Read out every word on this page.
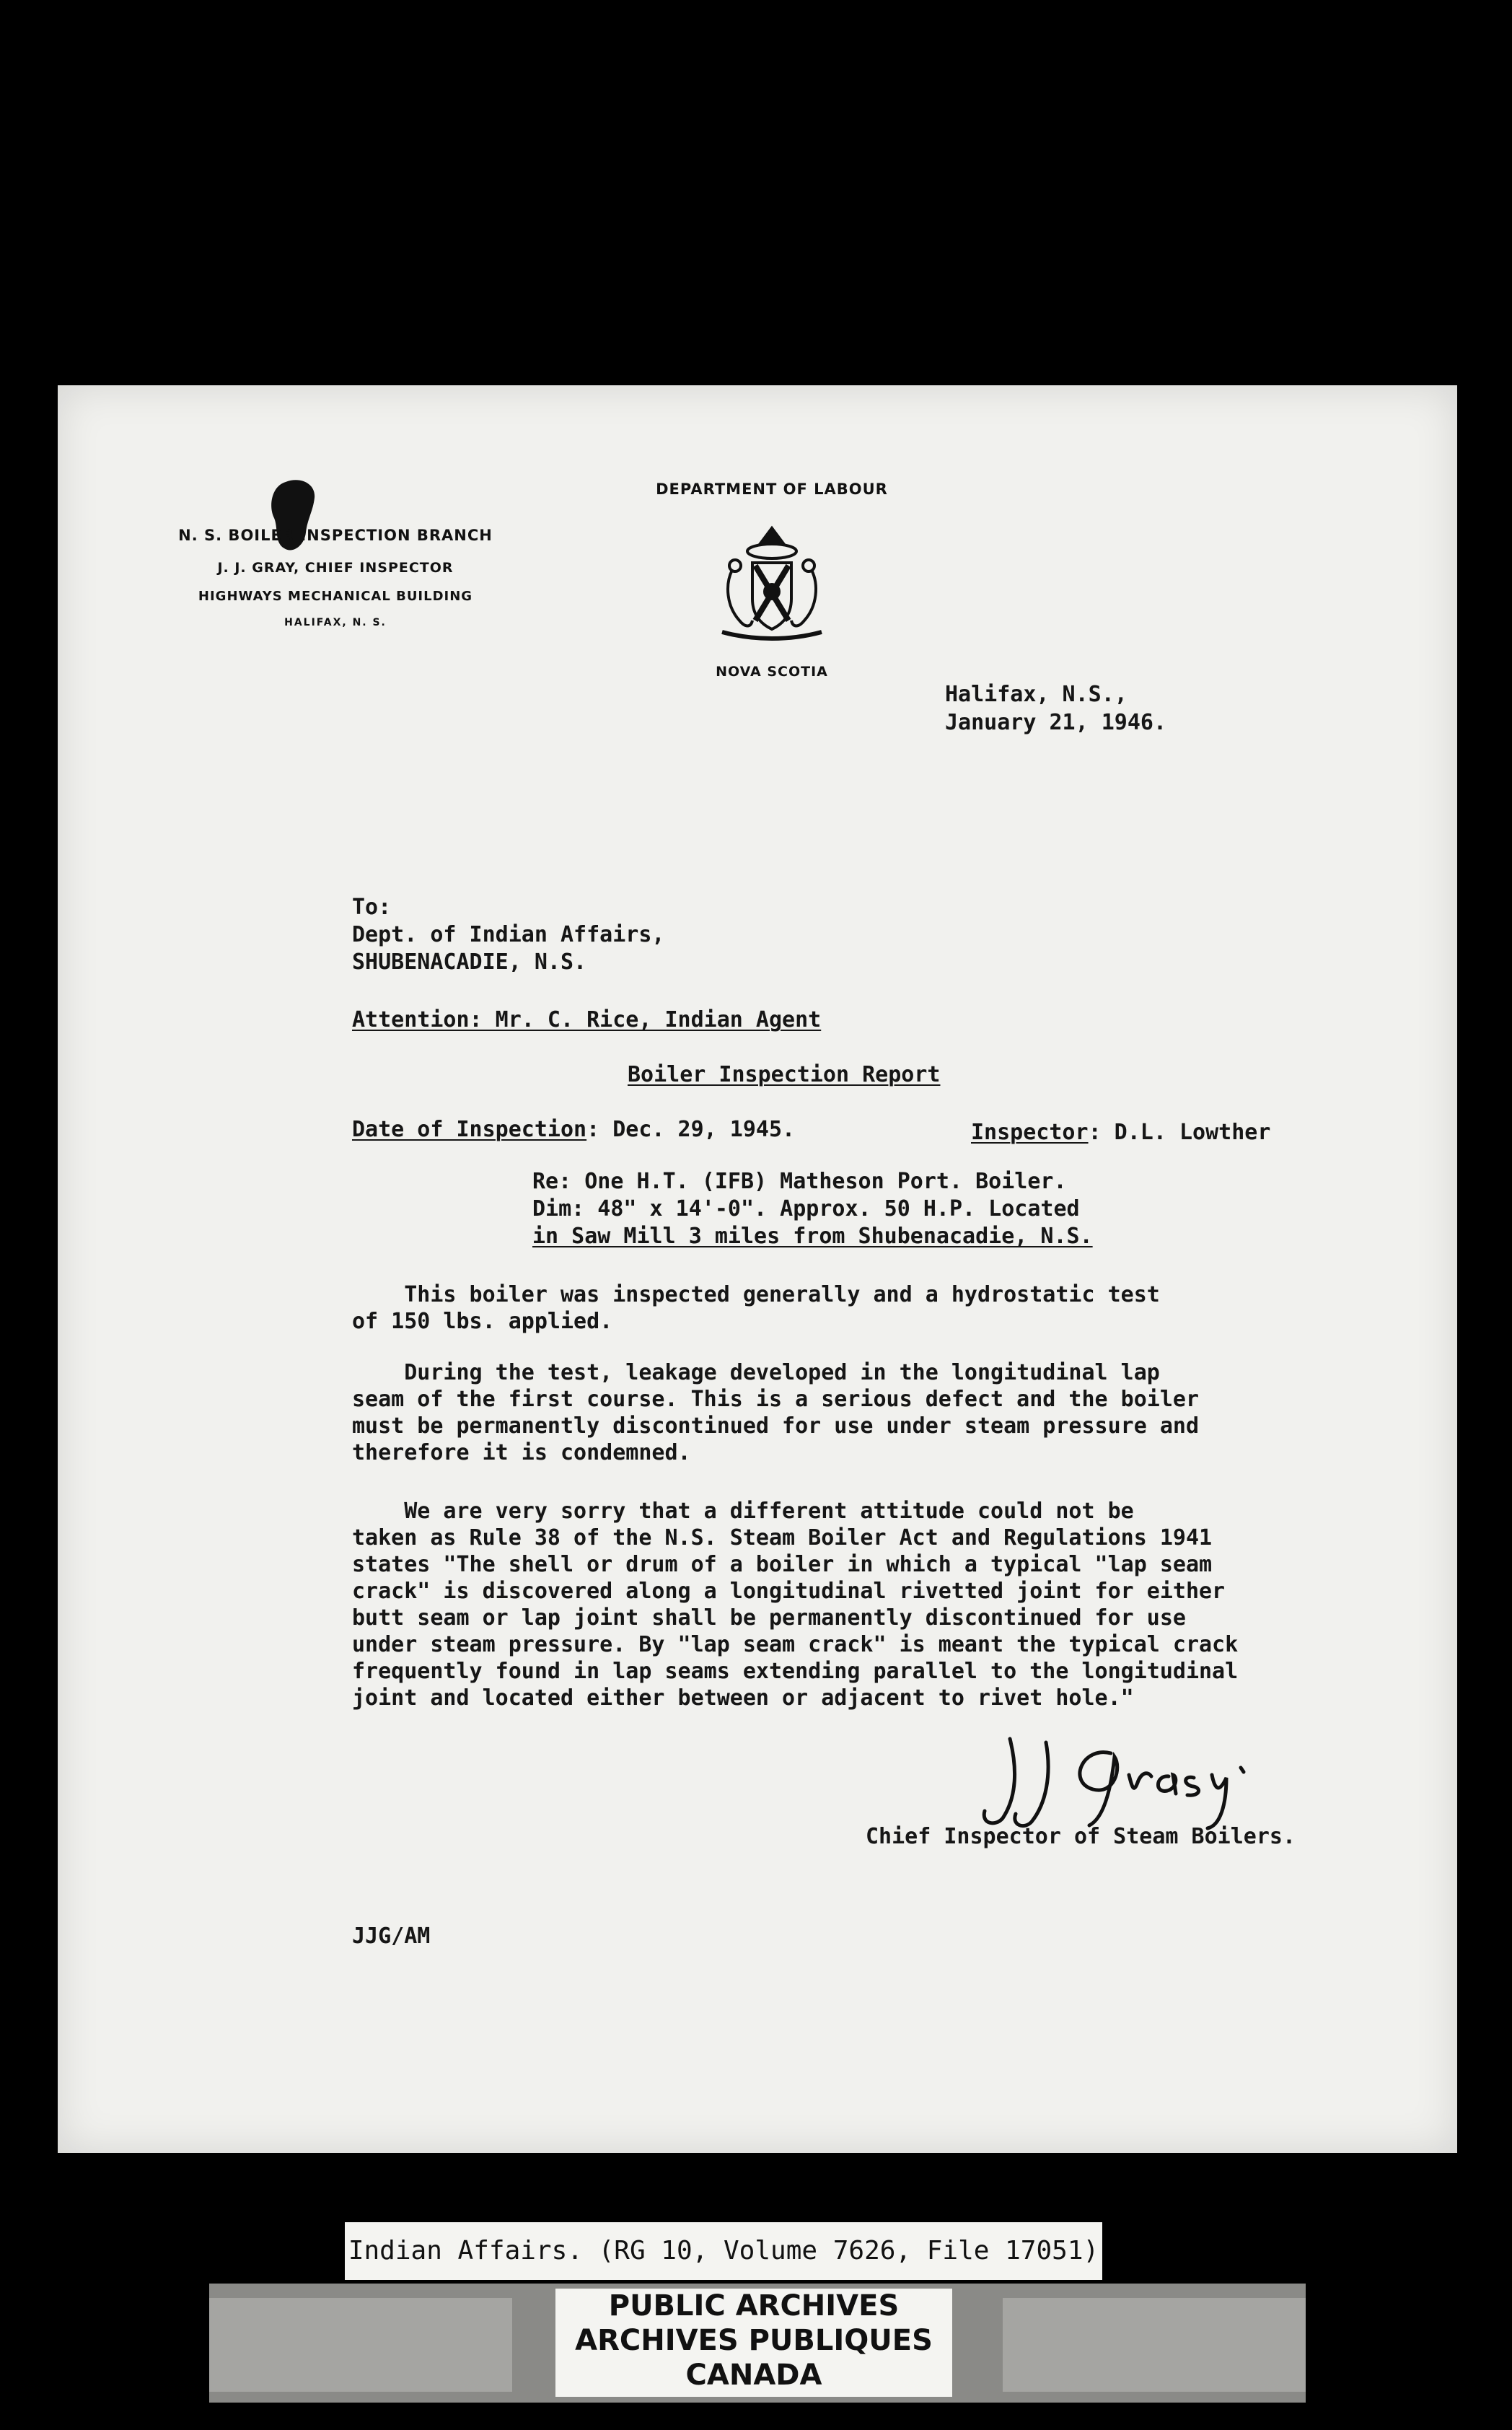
N. S. BOILER INSPECTION BRANCH
J. J. GRAY, CHIEF INSPECTOR
HIGHWAYS MECHANICAL BUILDING
HALIFAX, N. S.
DEPARTMENT OF LABOUR
NOVA SCOTIA
Halifax, N.S.,
January 21, 1946.
To:
Dept. of Indian Affairs,
SHUBENACADIE, N.S.
Attention: Mr. C. Rice, Indian Agent
Boiler Inspection Report
Date of Inspection: Dec. 29, 1945.	Inspector: D.L. Lowther
Re: One H.T. (IFB) Matheson Port. Boiler.
Dim: 48" x 14'-0". Approx. 50 H.P. Located
in Saw Mill 3 miles from Shubenacadie, N.S.
This boiler was inspected generally and a hydrostatic test
of 150 lbs. applied.
During the test, leakage developed in the longitudinal lap
seam of the first course. This is a serious defect and the boiler
must be permanently discontinued for use under steam pressure and
therefore it is condemned.
We are very sorry that a different attitude could not be
taken as Rule 38 of the N.S. Steam Boiler Act and Regulations 1941
states "The shell or drum of a boiler in which a typical "lap seam
crack" is discovered along a longitudinal rivetted joint for either
butt seam or lap joint shall be permanently discontinued for use
under steam pressure. By "lap seam crack" is meant the typical crack
frequently found in lap seams extending parallel to the longitudinal
joint and located either between or adjacent to rivet hole."
Chief Inspector of Steam Boilers.
JJG/AM
Indian Affairs. (RG 10, Volume 7626, File 17051)
PUBLIC ARCHIVES
ARCHIVES PUBLIQUES
CANADA
